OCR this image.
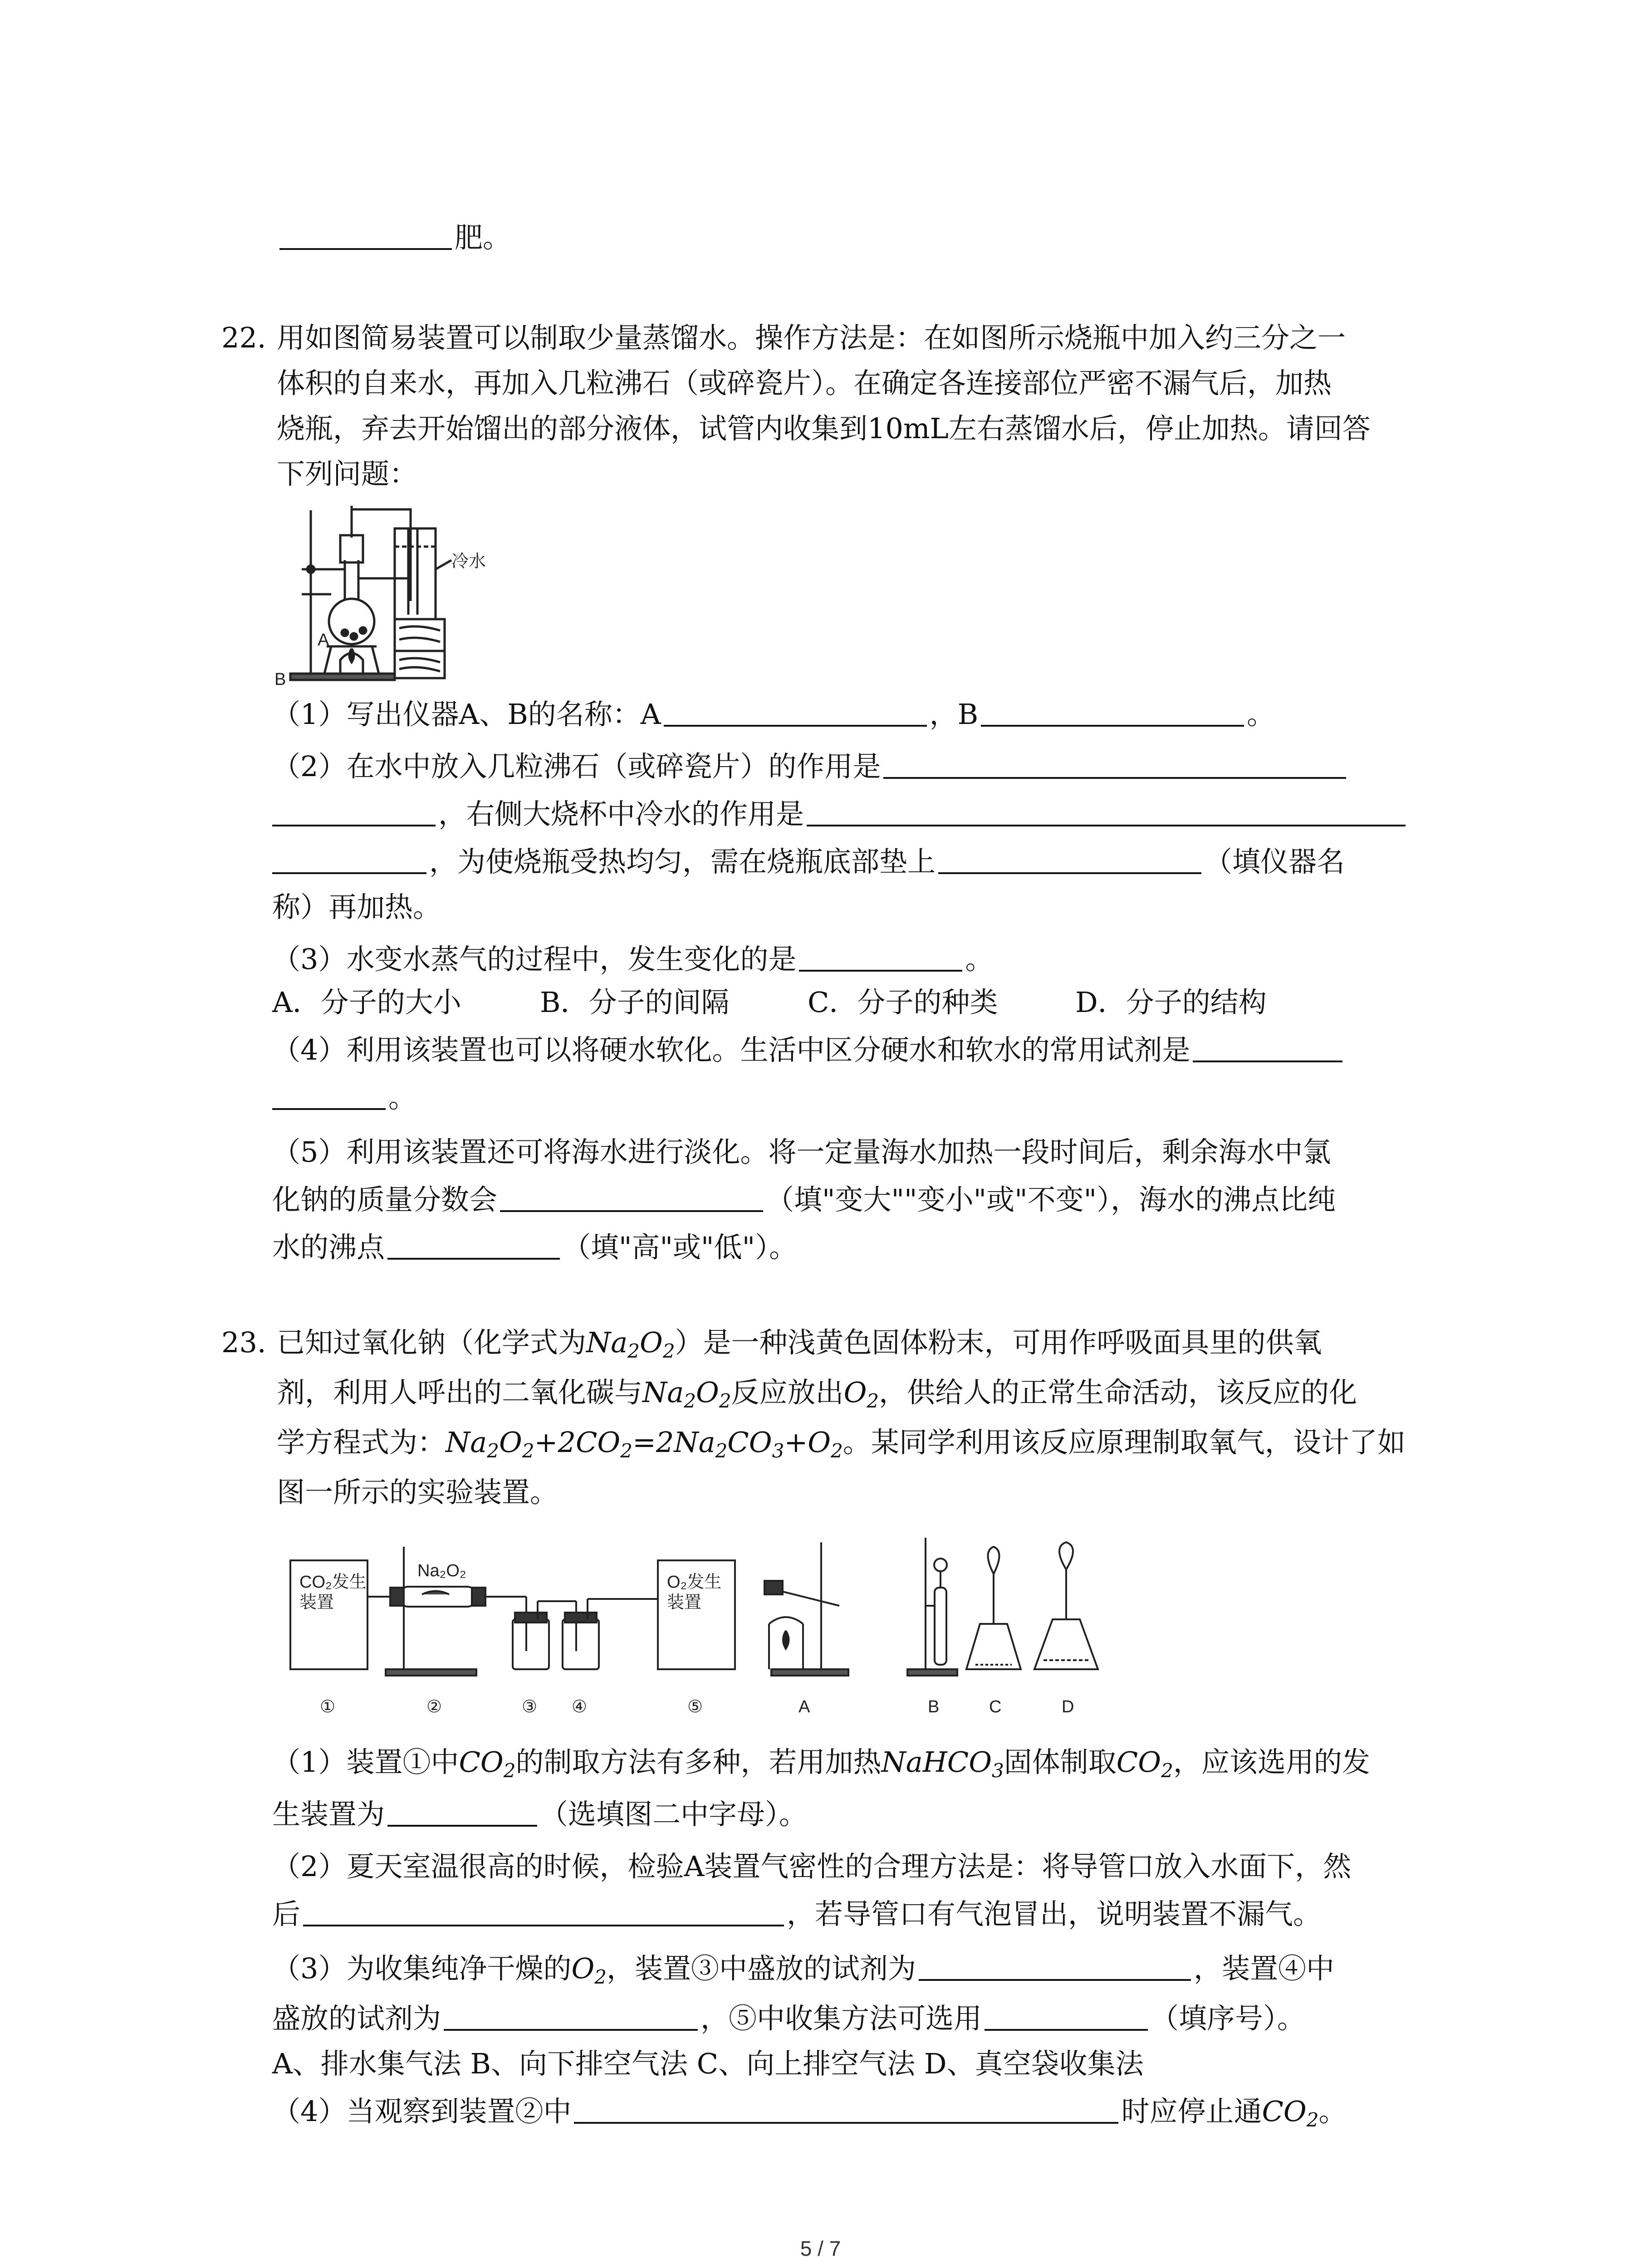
肥。
22. 用如图简易装置可以制取少量蒸馏水。操作方法是：在如图所示烧瓶中加入约三分之一
体积的自来水，再加入几粒沸石（或碎瓷片）。在确定各连接部位严密不漏气后，加热
烧瓶，弃去开始馏出的部分液体，试管内收集到10mL左右蒸馏水后，停止加热。请回答
下列问题：
冷水
A
B
（1）写出仪器A、B的名称：A	，B	。
（2）在水中放入几粒沸石（或碎瓷片）的作用是
，右侧大烧杯中冷水的作用是
，为使烧瓶受热均匀，需在烧瓶底部垫上	（填仪器名
称）再加热。
（3）水变水蒸气的过程中，发生变化的是	。
A．分子的大小	B．分子的间隔	C．分子的种类	D．分子的结构
（4）利用该装置也可以将硬水软化。生活中区分硬水和软水的常用试剂是
。
（5）利用该装置还可将海水进行淡化。将一定量海水加热一段时间后，剩余海水中氯
化钠的质量分数会	（填"变大""变小"或"不变"），海水的沸点比纯
水的沸点	（填"高"或"低"）。
23. 已知过氧化钠（化学式为$Na_2O_2$）是一种浅黄色固体粉末，可用作呼吸面具里的供氧
剂，利用人呼出的二氧化碳与$Na_2O_2$反应放出$O_2$，供给人的正常生命活动，该反应的化
学方程式为：$Na_2O_2+2CO_2=2Na_2CO_3+O_2$。某同学利用该反应原理制取氧气，设计了如
图一所示的实验装置。
CO₂发生
装置
Na₂O₂
O₂发生
装置
①	②	③ ④	⑤	A	B	C	D
（1）装置①中$CO_2$的制取方法有多种，若用加热NaHCO$_3$固体制取$CO_2$，应该选用的发
生装置为	（选填图二中字母）。
（2）夏天室温很高的时候，检验A装置气密性的合理方法是：将导管口放入水面下，然
后	，若导管口有气泡冒出，说明装置不漏气。
（3）为收集纯净干燥的$O_2$，装置③中盛放的试剂为	，装置④中
盛放的试剂为	，⑤中收集方法可选用	（填序号）。
A、排水集气法 B、向下排空气法 C、向上排空气法 D、真空袋收集法
（4）当观察到装置②中	时应停止通$CO_2$。
5 / 7
